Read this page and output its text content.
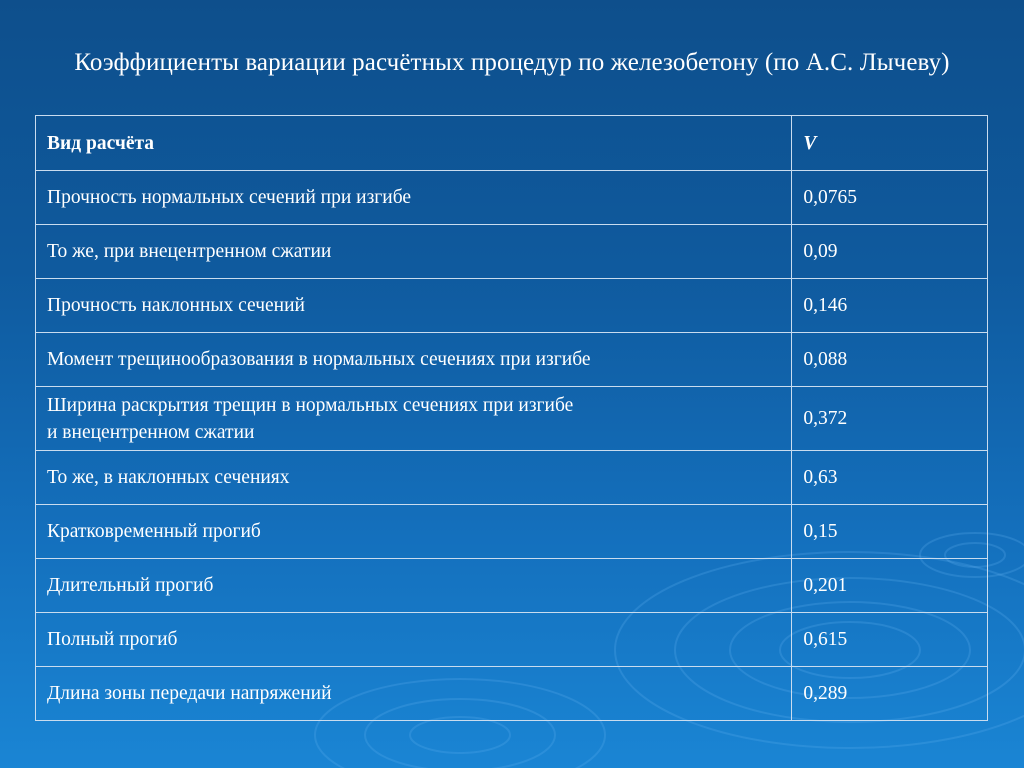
Коэффициенты вариации расчётных процедур по железобетону (по А.С. Лычеву)
Вид расчёта	V
Прочность нормальных сечений при изгибе	0,0765
То же, при внецентренном сжатии	0,09
Прочность наклонных сечений	0,146
Момент трещинообразования в нормальных сечениях при изгибе	0,088
Ширина раскрытия трещин в нормальных сечениях при изгибе
и внецентренном сжатии	0,372
То же, в наклонных сечениях	0,63
Кратковременный прогиб	0,15
Длительный прогиб	0,201
Полный прогиб	0,615
Длина зоны передачи напряжений	0,289
